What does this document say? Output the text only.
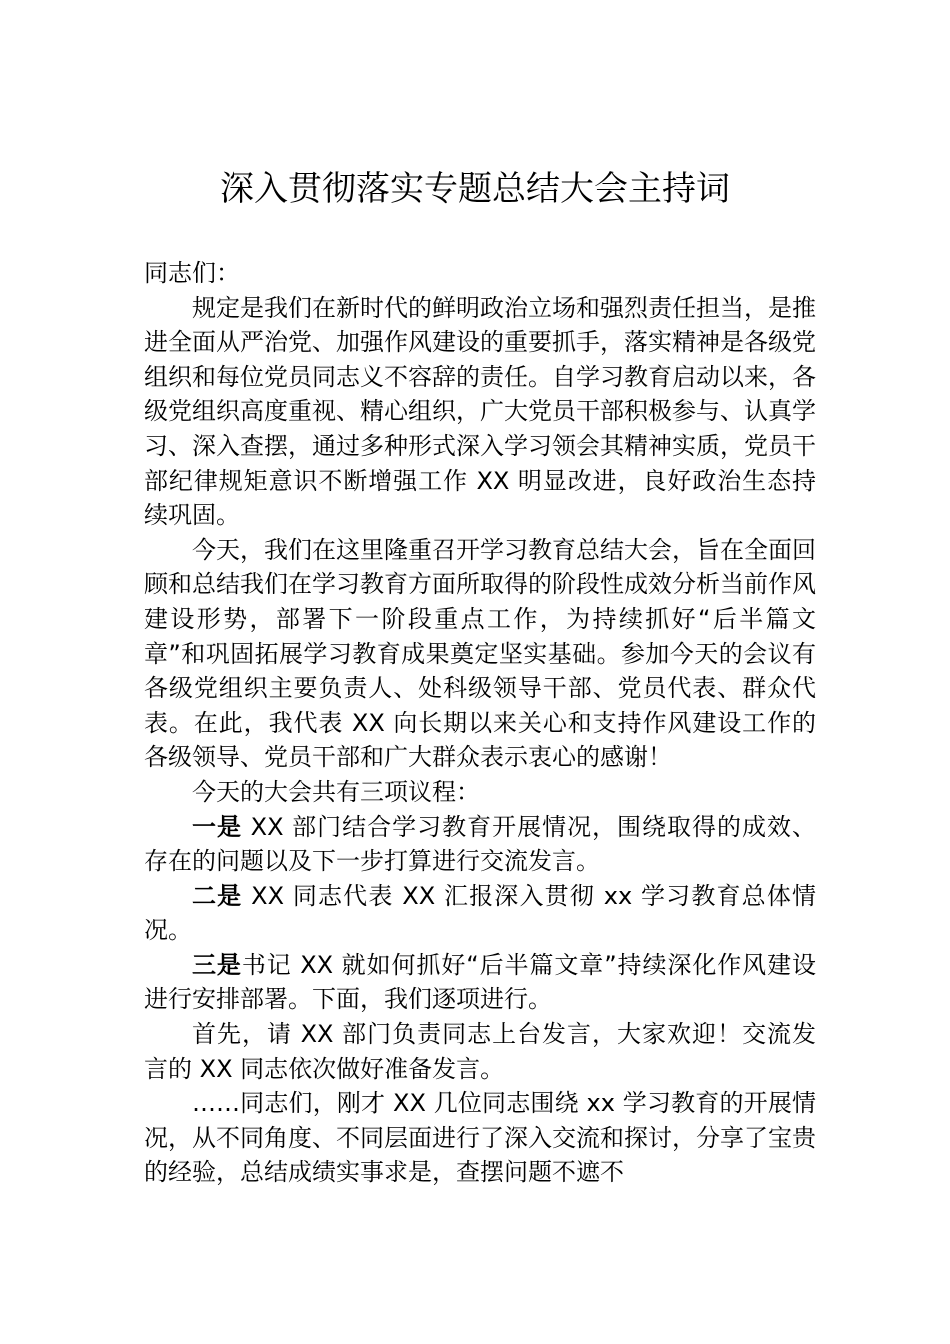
深入贯彻落实专题总结大会主持词

同志们：

规定是我们在新时代的鲜明政治立场和强烈责任担当，是推进全面从严治党、加强作风建设的重要抓手，落实精神是各级党组织和每位党员同志义不容辞的责任。自学习教育启动以来，各级党组织高度重视、精心组织，广大党员干部积极参与、认真学习、深入查摆，通过多种形式深入学习领会其精神实质，党员干部纪律规矩意识不断增强工作 XX 明显改进，良好政治生态持续巩固。

今天，我们在这里隆重召开学习教育总结大会，旨在全面回顾和总结我们在学习教育方面所取得的阶段性成效分析当前作风建设形势，部署下一阶段重点工作，为持续抓好“后半篇文章”和巩固拓展学习教育成果奠定坚实基础。参加今天的会议有各级党组织主要负责人、处科级领导干部、党员代表、群众代表。在此，我代表 XX 向长期以来关心和支持作风建设工作的各级领导、党员干部和广大群众表示衷心的感谢！

今天的大会共有三项议程：

一是 XX 部门结合学习教育开展情况，围绕取得的成效、存在的问题以及下一步打算进行交流发言。

二是 XX 同志代表 XX 汇报深入贯彻 xx 学习教育总体情况。

三是书记 XX 就如何抓好“后半篇文章”持续深化作风建设进行安排部署。下面，我们逐项进行。

首先，请 XX 部门负责同志上台发言，大家欢迎！交流发言的 XX 同志依次做好准备发言。

……同志们，刚才 XX 几位同志围绕 xx 学习教育的开展情况，从不同角度、不同层面进行了深入交流和探讨，分享了宝贵的经验，总结成绩实事求是，查摆问题不遮不
